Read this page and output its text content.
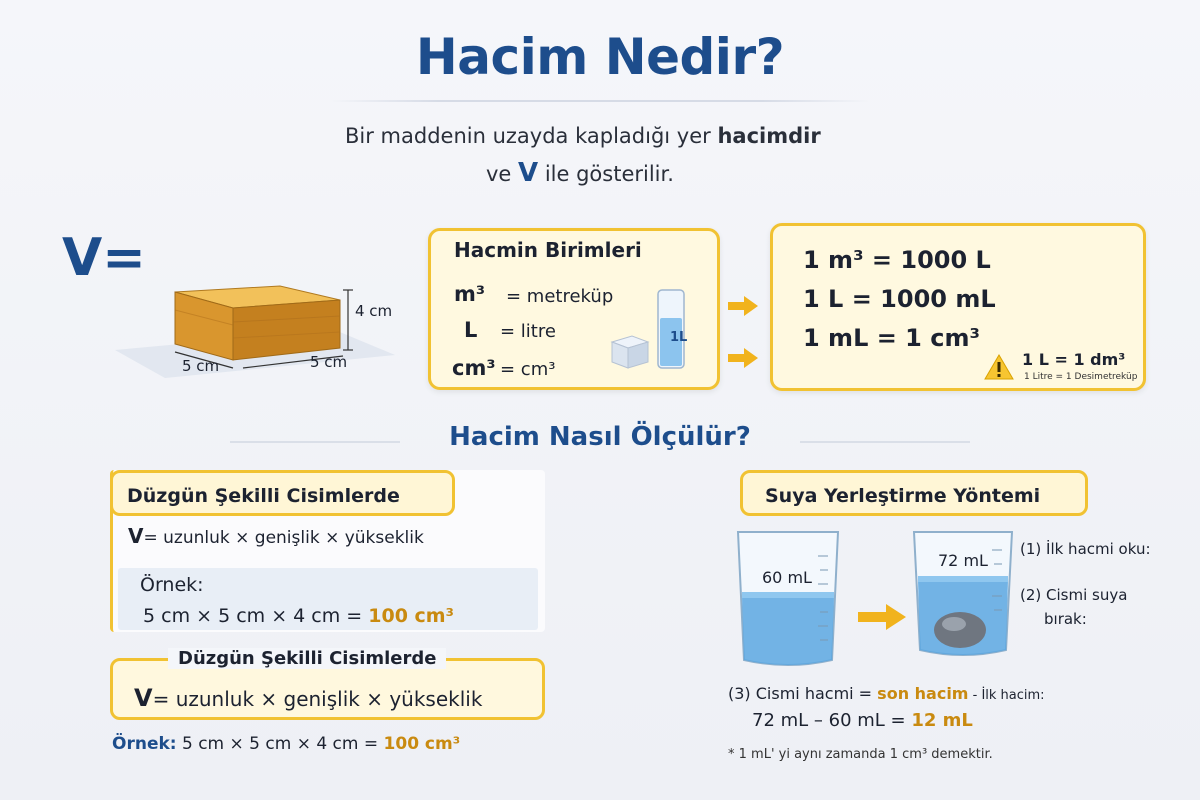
Hacim Nedir?
Bir maddenin uzayda kapladığı yer hacimdir
ve V ile gösterilir.
V=
4 cm
5 cm	5 cm
Hacmin Birimleri
m³ = metreküp
L = litre
cm³ = cm³
1L
1 m³ = 1000 L
1 L = 1000 mL
1 mL = 1 cm³
1 L = 1 dm³
1 Litre = 1 Desimetreküp
Hacim Nasıl Ölçülür?
Düzgün Şekilli Cisimlerde
V= uzunluk × genişlik × yükseklik
Örnek:
5 cm × 5 cm × 4 cm = 100 cm³
Düzgün Şekilli Cisimlerde
V= uzunluk × genişlik × yükseklik
Örnek: 5 cm × 5 cm × 4 cm = 100 cm³
Suya Yerleştirme Yöntemi
60 mL
72 mL
(1) İlk hacmi oku:
(2) Cismi suya
bırak:
(3) Cismi hacmi = son hacim - İlk hacim:
72 mL – 60 mL = 12 mL
* 1 mL' yi aynı zamanda 1 cm³ demektir.
